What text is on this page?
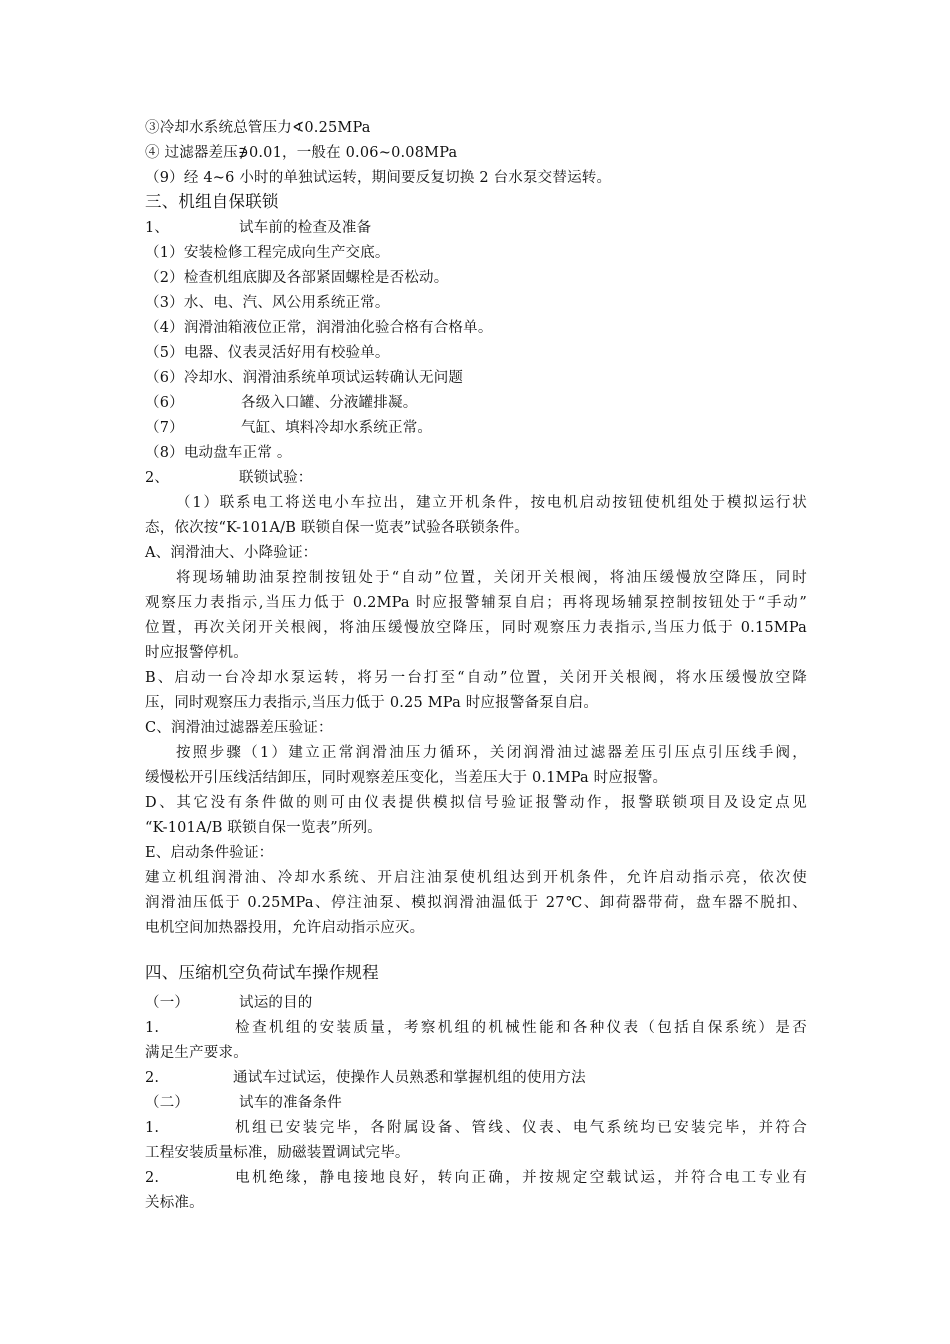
③冷却水系统总管压力∢0.25MPa
④ 过滤器差压∌0.01，一般在 0.06~0.08MPa
（9）经 4~6 小时的单独试运转，期间要反复切换 2 台水泵交替运转。
三、机组自保联锁
1、	试车前的检查及准备
（1）安装检修工程完成向生产交底。
（2）检查机组底脚及各部紧固螺栓是否松动。
（3）水、电、汽、风公用系统正常。
（4）润滑油箱液位正常，润滑油化验合格有合格单。
（5）电器、仪表灵活好用有校验单。
（6）冷却水、润滑油系统单项试运转确认无问题
（6）	各级入口罐、分液罐排凝。
（7）	气缸、填料冷却水系统正常。
（8）电动盘车正常 。
2、	联锁试验：
（1）联系电工将送电小车拉出，建立开机条件，按电机启动按钮使机组处于模拟运行状
态，依次按“K-101A/B 联锁自保一览表”试验各联锁条件。
A、润滑油大、小降验证：
将现场辅助油泵控制按钮处于“自动”位置，关闭开关根阀，将油压缓慢放空降压，同时
观察压力表指示,当压力低于 0.2MPa 时应报警辅泵自启；再将现场辅泵控制按钮处于“手动”
位置，再次关闭开关根阀，将油压缓慢放空降压，同时观察压力表指示,当压力低于 0.15MPa
时应报警停机。
B、启动一台冷却水泵运转，将另一台打至“自动”位置，关闭开关根阀，将水压缓慢放空降
压，同时观察压力表指示,当压力低于 0.25 MPa 时应报警备泵自启。
C、润滑油过滤器差压验证：
按照步骤（1）建立正常润滑油压力循环，关闭润滑油过滤器差压引压点引压线手阀，
缓慢松开引压线活结卸压，同时观察差压变化，当差压大于 0.1MPa 时应报警。
D、其它没有条件做的则可由仪表提供模拟信号验证报警动作，报警联锁项目及设定点见
“K-101A/B 联锁自保一览表”所列。
E、启动条件验证：
建立机组润滑油、冷却水系统、开启注油泵使机组达到开机条件，允许启动指示亮，依次使
润滑油压低于 0.25MPa、停注油泵、模拟润滑油温低于 27℃、卸荷器带荷，盘车器不脱扣、
电机空间加热器投用，允许启动指示应灭。
四、压缩机空负荷试车操作规程
（一）	试运的目的
1.	检查机组的安装质量，考察机组的机械性能和各种仪表（包括自保系统）是否
满足生产要求。
2.	通试车过试运，使操作人员熟悉和掌握机组的使用方法
（二）	试车的准备条件
1.	机组已安装完毕，各附属设备、管线、仪表、电气系统均已安装完毕，并符合
工程安装质量标准，励磁装置调试完毕。
2.	电机绝缘，静电接地良好，转向正确，并按规定空载试运，并符合电工专业有
关标准。
